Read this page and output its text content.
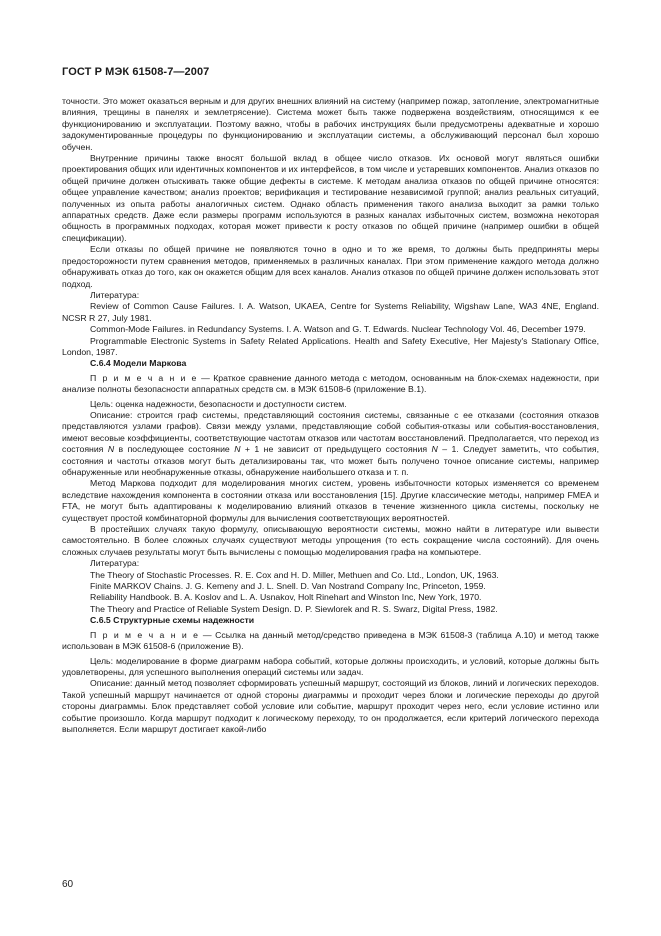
ГОСТ Р МЭК 61508-7—2007

точности. Это может оказаться верным и для других внешних влияний на систему (например пожар, затопление, электромагнитные влияния, трещины в панелях и землетрясение). Система может быть также подвержена воздействиям, относящимся к ее функционированию и эксплуатации. Поэтому важно, чтобы в рабочих инструкциях были предусмотрены адекватные и хорошо задокументированные процедуры по функционированию и эксплуатации системы, а обслуживающий персонал был хорошо обучен.

Внутренние причины также вносят большой вклад в общее число отказов. Их основой могут являться ошибки проектирования общих или идентичных компонентов и их интерфейсов, в том числе и устаревших компонентов. Анализ отказов по общей причине должен отыскивать также общие дефекты в системе. К методам анализа отказов по общей причине относятся: общее управление качеством; анализ проектов; верификация и тестирование независимой группой; анализ реальных ситуаций, полученных из опыта работы аналогичных систем. Однако область применения такого анализа выходит за рамки только аппаратных средств. Даже если размеры программ используются в разных каналах избыточных систем, возможна некоторая общность в программных подходах, которая может привести к росту отказов по общей причине (например ошибки в общей спецификации).

Если отказы по общей причине не появляются точно в одно и то же время, то должны быть предприняты меры предосторожности путем сравнения методов, применяемых в различных каналах. При этом применение каждого метода должно обнаруживать отказ до того, как он окажется общим для всех каналов. Анализ отказов по общей причине должен использовать этот подход.

Литература:

Review of Common Cause Failures. I. A. Watson, UKAEA, Centre for Systems Reliability, Wigshaw Lane, WA3 4NE, England. NCSR R 27, July 1981.

Common-Mode Failures. in Redundancy Systems. I. A. Watson and G. T. Edwards. Nuclear Technology Vol. 46, December 1979.

Programmable Electronic Systems in Safety Related Applications. Health and Safety Executive, Her Majesty's Stationary Office, London, 1987.

С.6.4 Модели Маркова

П р и м е ч а н и е — Краткое сравнение данного метода с методом, основанным на блок-схемах надежности, при анализе полноты безопасности аппаратных средств см. в МЭК 61508-6 (приложение В.1).

Цель: оценка надежности, безопасности и доступности систем.

Описание: строится граф системы, представляющий состояния системы, связанные с ее отказами (состояния отказов представляются узлами графов). Связи между узлами, представляющие собой события-отказы или события-восстановления, имеют весовые коэффициенты, соответствующие частотам отказов или частотам восстановлений. Предполагается, что переход из состояния N в последующее состояние N + 1 не зависит от предыдущего состояния N – 1. Следует заметить, что события, состояния и частоты отказов могут быть детализированы так, что может быть получено точное описание системы, например обнаруженные или необнаруженные отказы, обнаружение наибольшего отказа и т. п.

Метод Маркова подходит для моделирования многих систем, уровень избыточности которых изменяется со временем вследствие нахождения компонента в состоянии отказа или восстановления [15]. Другие классические методы, например FMEA и FTA, не могут быть адаптированы к моделированию влияний отказов в течение жизненного цикла системы, поскольку не существует простой комбинаторной формулы для вычисления соответствующих вероятностей.

В простейших случаях такую формулу, описывающую вероятности системы, можно найти в литературе или вывести самостоятельно. В более сложных случаях существуют методы упрощения (то есть сокращение числа состояний). Для очень сложных случаев результаты могут быть вычислены с помощью моделирования графа на компьютере.

Литература:

The Theory of Stochastic Processes. R. E. Cox and H. D. Miller, Methuen and Co. Ltd., London, UK, 1963.

Finite MARKOV Chains. J. G. Kemeny and J. L. Snell. D. Van Nostrand Company Inc, Princeton, 1959.

Reliability Handbook. B. A. Koslov and L. A. Usnakov, Holt Rinehart and Winston Inc, New York, 1970.

The Theory and Practice of Reliable System Design. D. P. Siewlorek and R. S. Swarz, Digital Press, 1982.

С.6.5 Структурные схемы надежности

П р и м е ч а н и е — Ссылка на данный метод/средство приведена в МЭК 61508-3 (таблица А.10) и метод также использован в МЭК 61508-6 (приложение В).

Цель: моделирование в форме диаграмм набора событий, которые должны происходить, и условий, которые должны быть удовлетворены, для успешного выполнения операций системы или задач.

Описание: данный метод позволяет сформировать успешный маршрут, состоящий из блоков, линий и логических переходов. Такой успешный маршрут начинается от одной стороны диаграммы и проходит через блоки и логические переходы до другой стороны диаграммы. Блок представляет собой условие или событие, маршрут проходит через него, если условие истинно или событие произошло. Когда маршрут подходит к логическому переходу, то он продолжается, если критерий логического перехода выполняется. Если маршрут достигает какой-либо

60
